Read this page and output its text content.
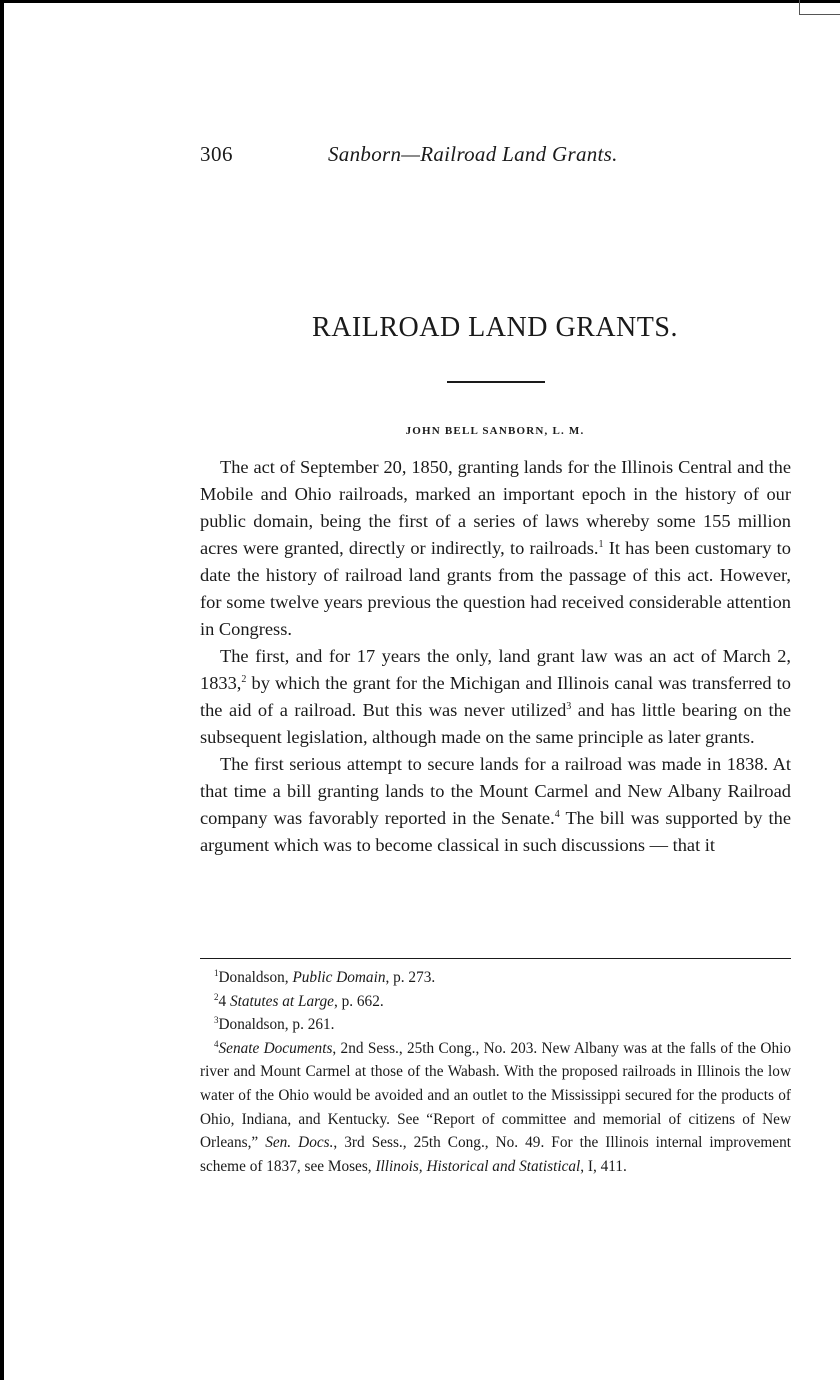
306	Sanborn—Railroad Land Grants.
RAILROAD LAND GRANTS.
JOHN BELL SANBORN, L. M.

The act of September 20, 1850, granting lands for the Illinois Central and the Mobile and Ohio railroads, marked an important epoch in the history of our public domain, being the first of a series of laws whereby some 155 million acres were granted, directly or indirectly, to railroads.$^1$ It has been customary to date the history of railroad land grants from the passage of this act. However, for some twelve years previous the question had received considerable attention in Congress.

The first, and for 17 years the only, land grant law was an act of March 2, 1833,$^2$ by which the grant for the Michigan and Illinois canal was transferred to the aid of a railroad. But this was never utilized$^3$ and has little bearing on the subsequent legislation, although made on the same principle as later grants.

The first serious attempt to secure lands for a railroad was made in 1838. At that time a bill granting lands to the Mount Carmel and New Albany Railroad company was favorably reported in the Senate.$^4$ The bill was supported by the argument which was to become classical in such discussions — that it

$^1$Donaldson, Public Domain, p. 273.

$^2$4 Statutes at Large, p. 662.

$^3$Donaldson, p. 261.

$^4$Senate Documents, 2nd Sess., 25th Cong., No. 203. New Albany was at the falls of the Ohio river and Mount Carmel at those of the Wabash. With the proposed railroads in Illinois the low water of the Ohio would be avoided and an outlet to the Mississippi secured for the products of Ohio, Indiana, and Kentucky. See “Report of committee and memorial of citizens of New Orleans,” Sen. Docs., 3rd Sess., 25th Cong., No. 49. For the Illinois internal improvement scheme of 1837, see Moses, Illinois, Historical and Statistical, I, 411.
